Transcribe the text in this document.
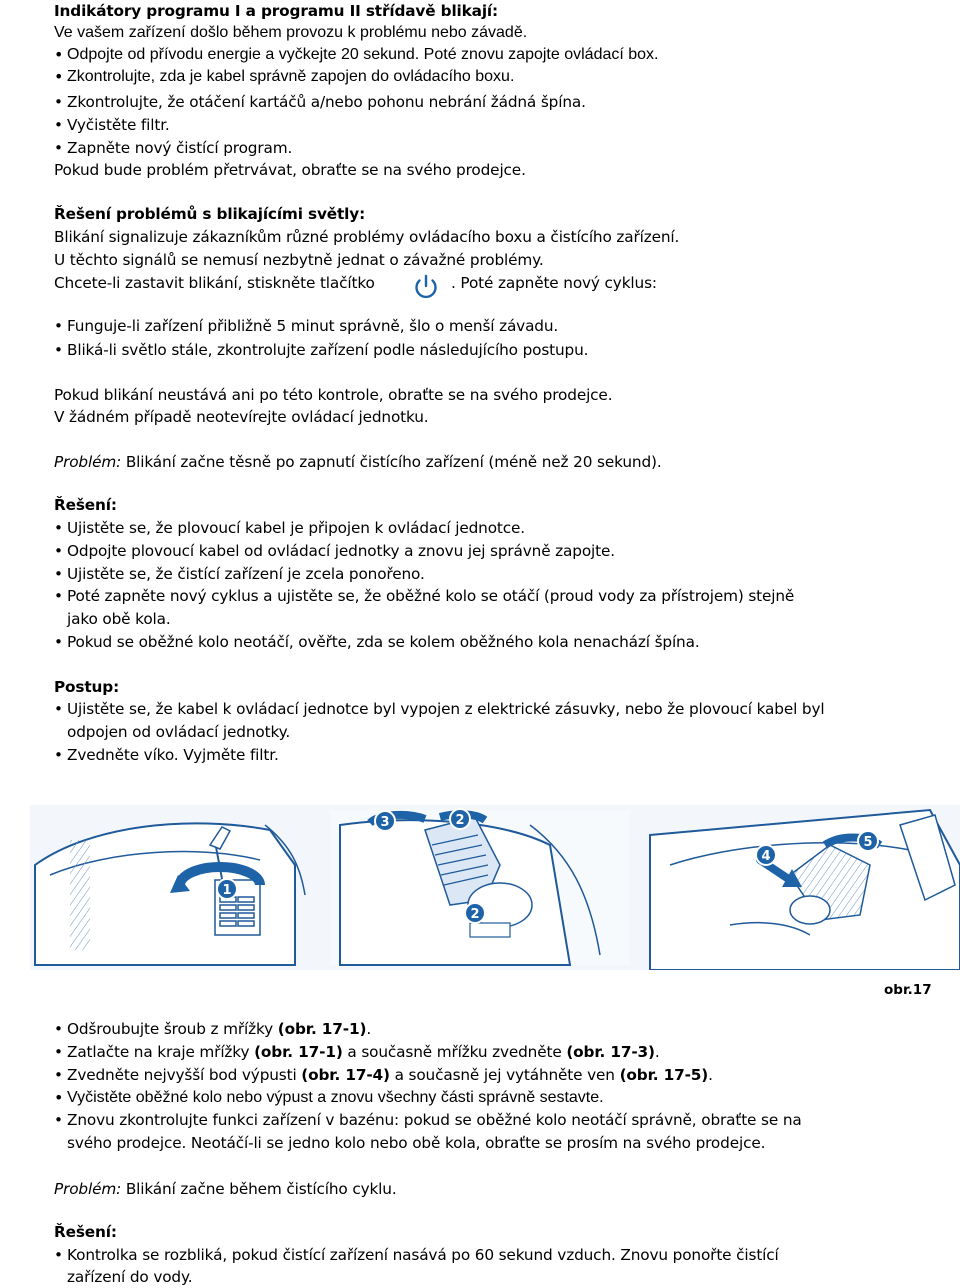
Indikátory programu I a programu II střídavě blikají:
Ve vašem zařízení došlo během provozu k problému nebo závadě.
• Odpojte od přívodu energie a vyčkejte 20 sekund. Poté znovu zapojte ovládací box.
• Zkontrolujte, zda je kabel správně zapojen do ovládacího boxu.
• Zkontrolujte, že otáčení kartáčů a/nebo pohonu nebrání žádná špína.
• Vyčistěte filtr.
• Zapněte nový čistící program.
Pokud bude problém přetrvávat, obraťte se na svého prodejce.
Řešení problémů s blikajícími světly:
Blikání signalizuje zákazníkům různé problémy ovládacího boxu a čistícího zařízení.
U těchto signálů se nemusí nezbytně jednat o závažné problémy.
Chcete-li zastavit blikání, stiskněte tlačítko	. Poté zapněte nový cyklus:
• Funguje-li zařízení přibližně 5 minut správně, šlo o menší závadu.
• Bliká-li světlo stále, zkontrolujte zařízení podle následujícího postupu.
Pokud blikání neustává ani po této kontrole, obraťte se na svého prodejce.
V žádném případě neotevírejte ovládací jednotku.
Problém: Blikání začne těsně po zapnutí čistícího zařízení (méně než 20 sekund).
Řešení:
• Ujistěte se, že plovoucí kabel je připojen k ovládací jednotce.
• Odpojte plovoucí kabel od ovládací jednotky a znovu jej správně zapojte.
• Ujistěte se, že čistící zařízení je zcela ponořeno.
• Poté zapněte nový cyklus a ujistěte se, že oběžné kolo se otáčí (proud vody za přístrojem) stejně
jako obě kola.
• Pokud se oběžné kolo neotáčí, ověřte, zda se kolem oběžného kola nenachází špína.
Postup:
• Ujistěte se, že kabel k ovládací jednotce byl vypojen z elektrické zásuvky, nebo že plovoucí kabel byl
odpojen od ovládací jednotky.
• Zvedněte víko. Vyjměte filtr.
1
3	2
2
4
5
obr.17
• Odšroubujte šroub z mřížky (obr. 17-1).
• Zatlačte na kraje mřížky (obr. 17-1) a současně mřížku zvedněte (obr. 17-3).
• Zvedněte nejvyšší bod výpusti (obr. 17-4) a současně jej vytáhněte ven (obr. 17-5).
• Vyčistěte oběžné kolo nebo výpust a znovu všechny části správně sestavte.
• Znovu zkontrolujte funkci zařízení v bazénu: pokud se oběžné kolo neotáčí správně, obraťte se na
svého prodejce. Neotáčí-li se jedno kolo nebo obě kola, obraťte se prosím na svého prodejce.
Problém: Blikání začne během čistícího cyklu.
Řešení:
• Kontrolka se rozbliká, pokud čistící zařízení nasává po 60 sekund vzduch. Znovu ponořte čistící
zařízení do vody.
